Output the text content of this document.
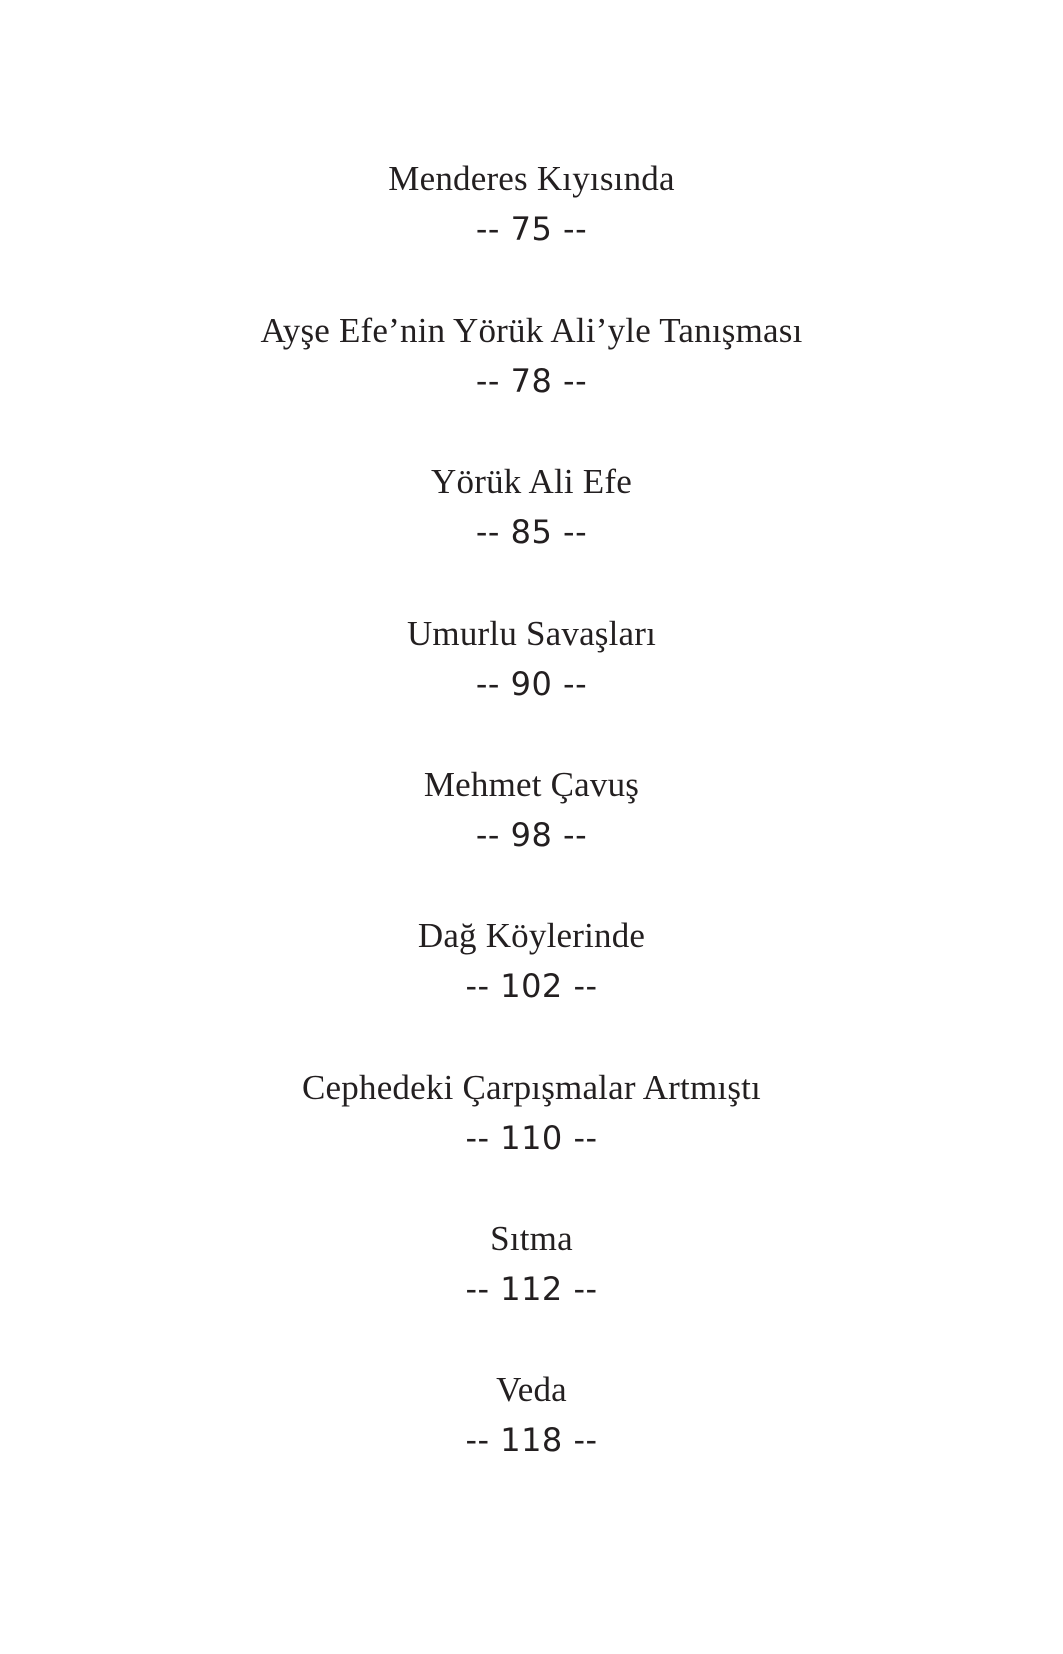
Menderes Kıyısında
-- 75 --
Ayşe Efe’nin Yörük Ali’yle Tanışması
-- 78 --
Yörük Ali Efe
-- 85 --
Umurlu Savaşları
-- 90 --
Mehmet Çavuş
-- 98 --
Dağ Köylerinde
-- 102 --
Cephedeki Çarpışmalar Artmıştı
-- 110 --
Sıtma
-- 112 --
Veda
-- 118 --
